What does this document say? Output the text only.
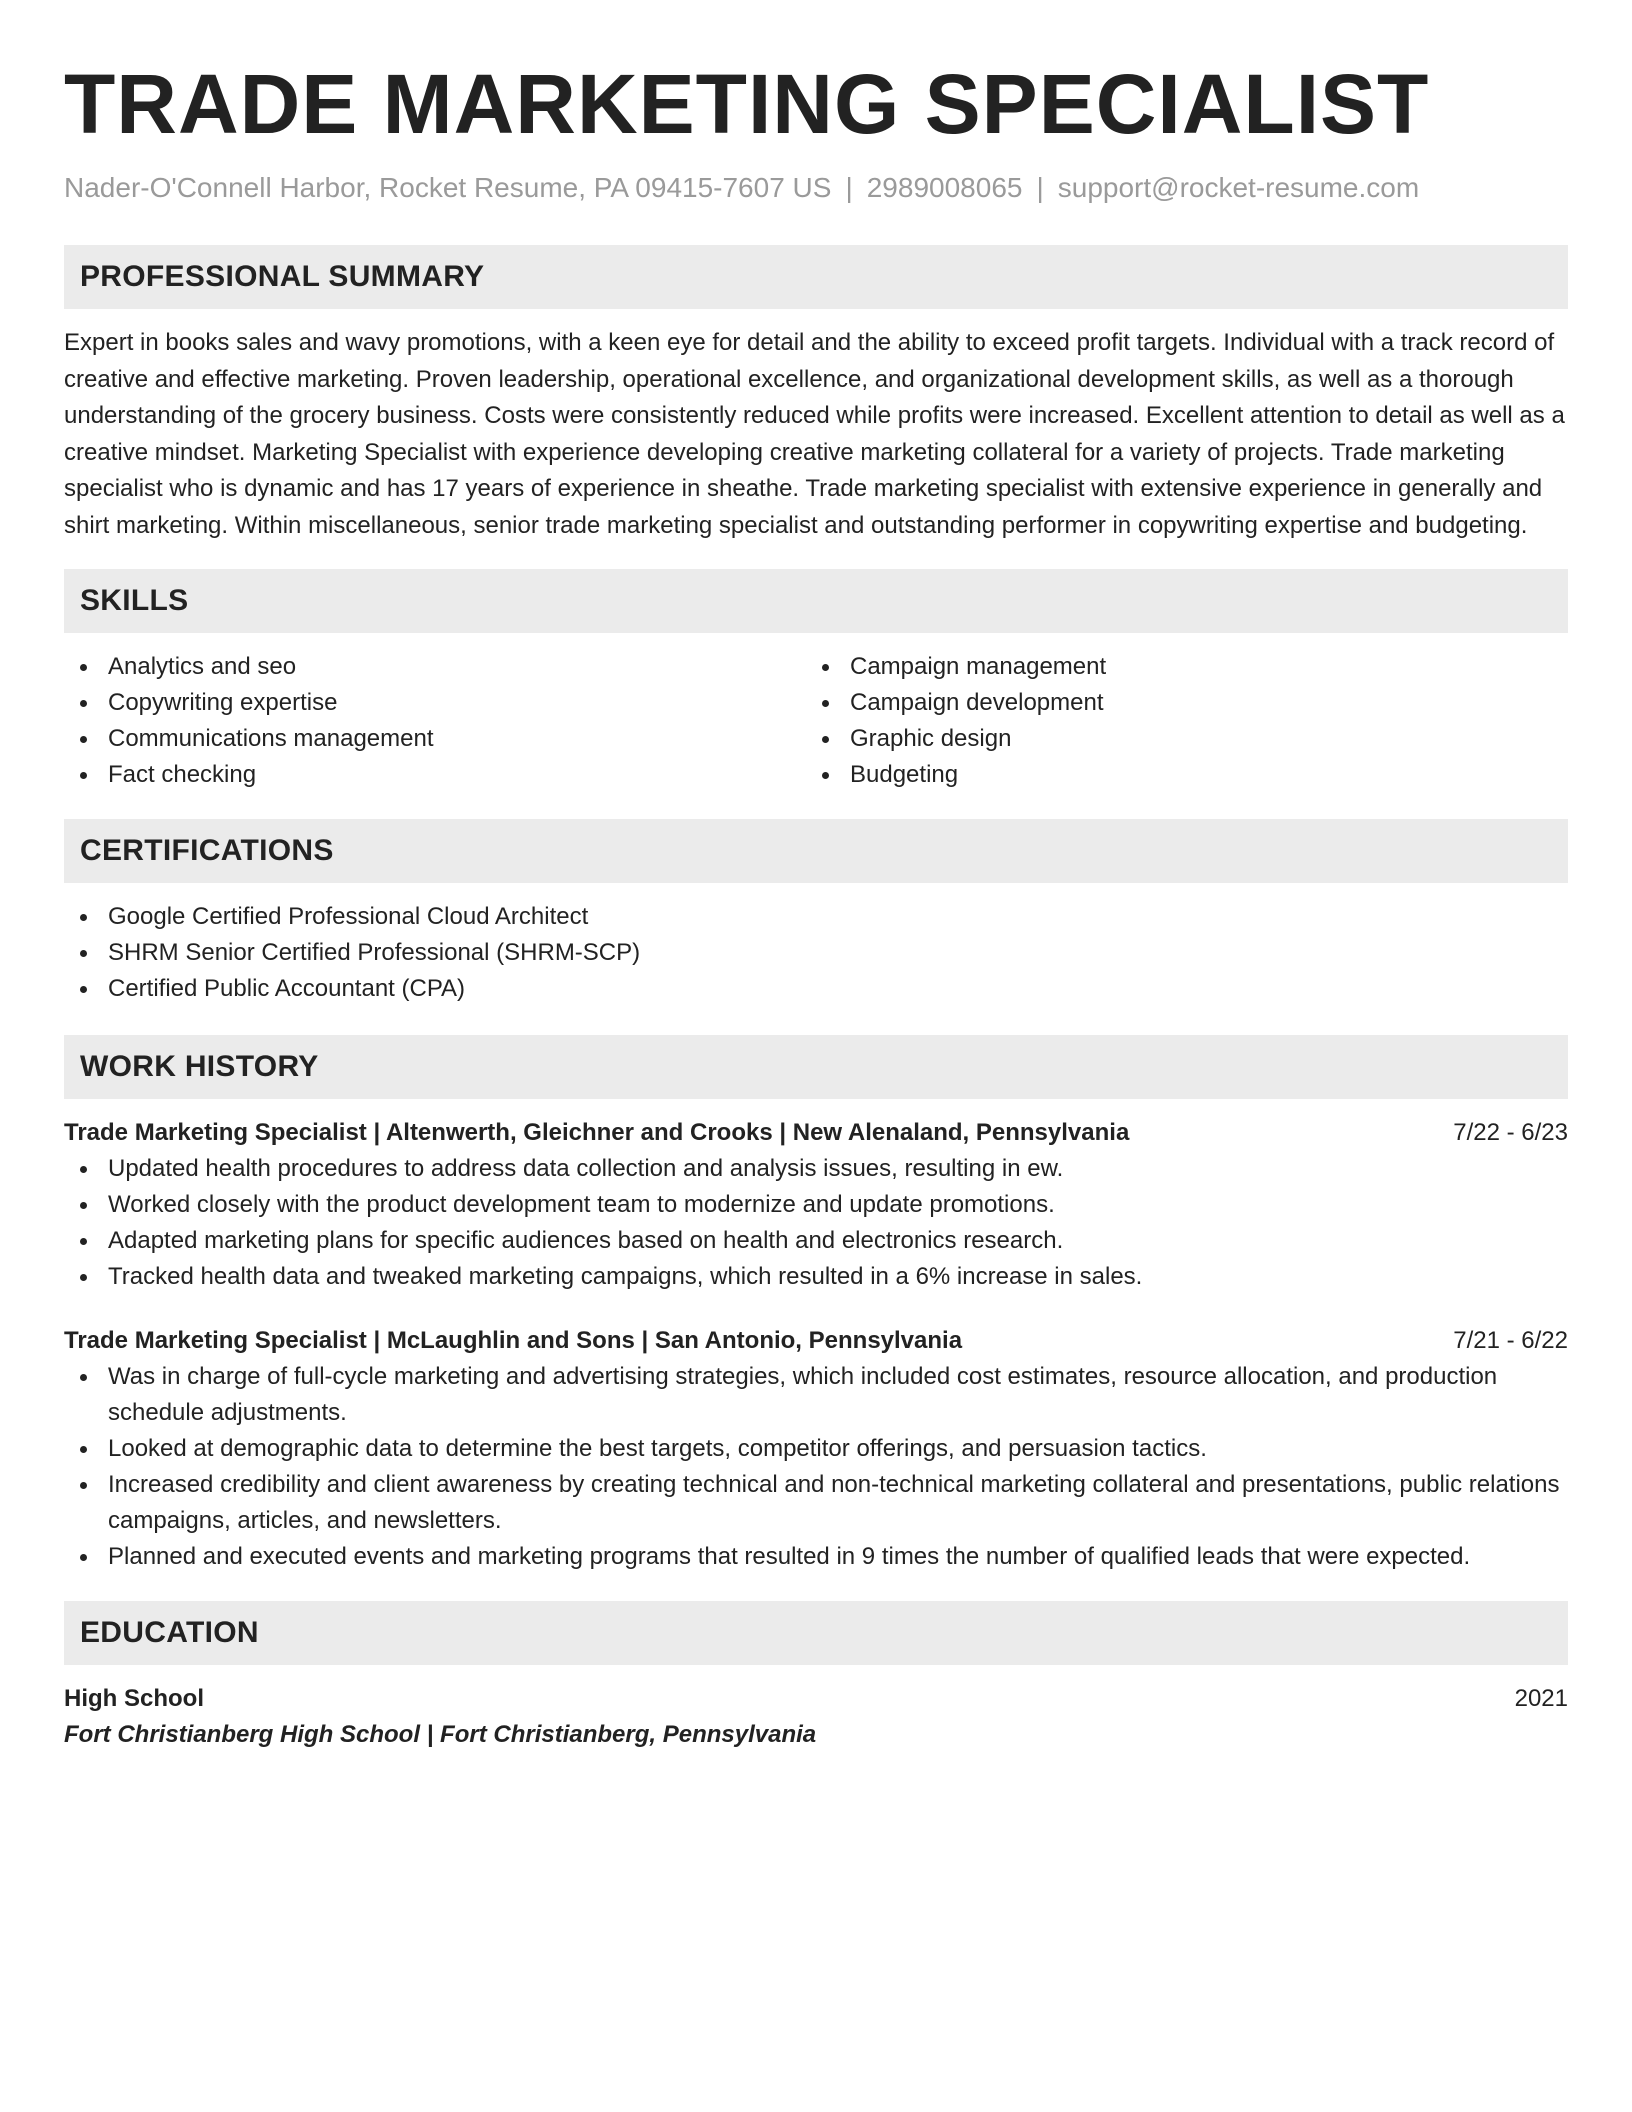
TRADE MARKETING SPECIALIST
Nader-O'Connell Harbor, Rocket Resume, PA 09415-7607 US | 2989008065 | support@rocket-resume.com
PROFESSIONAL SUMMARY

Expert in books sales and wavy promotions, with a keen eye for detail and the ability to exceed profit targets. Individual with a track record of creative and effective marketing. Proven leadership, operational excellence, and organizational development skills, as well as a thorough understanding of the grocery business. Costs were consistently reduced while profits were increased. Excellent attention to detail as well as a creative mindset. Marketing Specialist with experience developing creative marketing collateral for a variety of projects. Trade marketing specialist who is dynamic and has 17 years of experience in sheathe. Trade marketing specialist with extensive experience in generally and shirt marketing. Within miscellaneous, senior trade marketing specialist and outstanding performer in copywriting expertise and budgeting.

SKILLS
Analytics and seo
Copywriting expertise
Communications management
Fact checking
Campaign management
Campaign development
Graphic design
Budgeting
CERTIFICATIONS
Google Certified Professional Cloud Architect
SHRM Senior Certified Professional (SHRM-SCP)
Certified Public Accountant (CPA)
WORK HISTORY
Trade Marketing Specialist | Altenwerth, Gleichner and Crooks | New Alenaland, Pennsylvania	7/22 - 6/23
Updated health procedures to address data collection and analysis issues, resulting in ew.
Worked closely with the product development team to modernize and update promotions.
Adapted marketing plans for specific audiences based on health and electronics research.
Tracked health data and tweaked marketing campaigns, which resulted in a 6% increase in sales.
Trade Marketing Specialist | McLaughlin and Sons | San Antonio, Pennsylvania	7/21 - 6/22
Was in charge of full-cycle marketing and advertising strategies, which included cost estimates, resource allocation, and production schedule adjustments.
Looked at demographic data to determine the best targets, competitor offerings, and persuasion tactics.
Increased credibility and client awareness by creating technical and non-technical marketing collateral and presentations, public relations campaigns, articles, and newsletters.
Planned and executed events and marketing programs that resulted in 9 times the number of qualified leads that were expected.
EDUCATION
High School	2021
Fort Christianberg High School | Fort Christianberg, Pennsylvania
